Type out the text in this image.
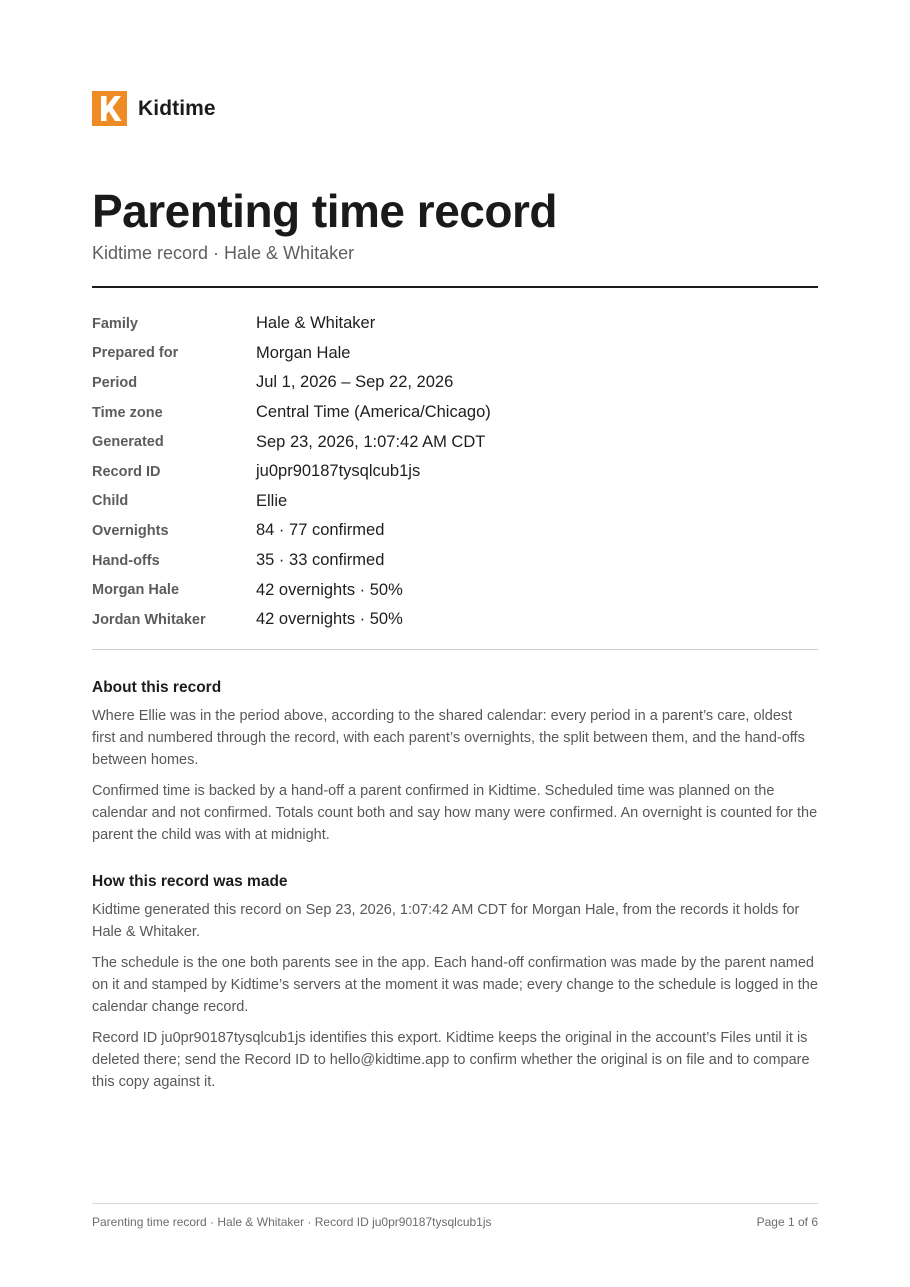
Kidtime
Parenting time record
Kidtime record · Hale & Whitaker
Family	Hale & Whitaker
Prepared for	Morgan Hale
Period	Jul 1, 2026 – Sep 22, 2026
Time zone	Central Time (America/Chicago)
Generated	Sep 23, 2026, 1:07:42 AM CDT
Record ID	ju0pr90187tysqlcub1js
Child	Ellie
Overnights	84 · 77 confirmed
Hand-offs	35 · 33 confirmed
Morgan Hale	42 overnights · 50%
Jordan Whitaker	42 overnights · 50%
About this record

Where Ellie was in the period above, according to the shared calendar: every period in a parent’s care, oldest first and numbered through the record, with each parent’s overnights, the split between them, and the hand-offs between homes.

Confirmed time is backed by a hand-off a parent confirmed in Kidtime. Scheduled time was planned on the calendar and not confirmed. Totals count both and say how many were confirmed. An overnight is counted for the parent the child was with at midnight.

How this record was made

Kidtime generated this record on Sep 23, 2026, 1:07:42 AM CDT for Morgan Hale, from the records it holds for Hale & Whitaker.

The schedule is the one both parents see in the app. Each hand-off confirmation was made by the parent named on it and stamped by Kidtime’s servers at the moment it was made; every change to the schedule is logged in the calendar change record.

Record ID ju0pr90187tysqlcub1js identifies this export. Kidtime keeps the original in the account’s Files until it is deleted there; send the Record ID to hello@kidtime.app to confirm whether the original is on file and to compare this copy against it.

Parenting time record · Hale & Whitaker · Record ID ju0pr90187tysqlcub1js	Page 1 of 6
